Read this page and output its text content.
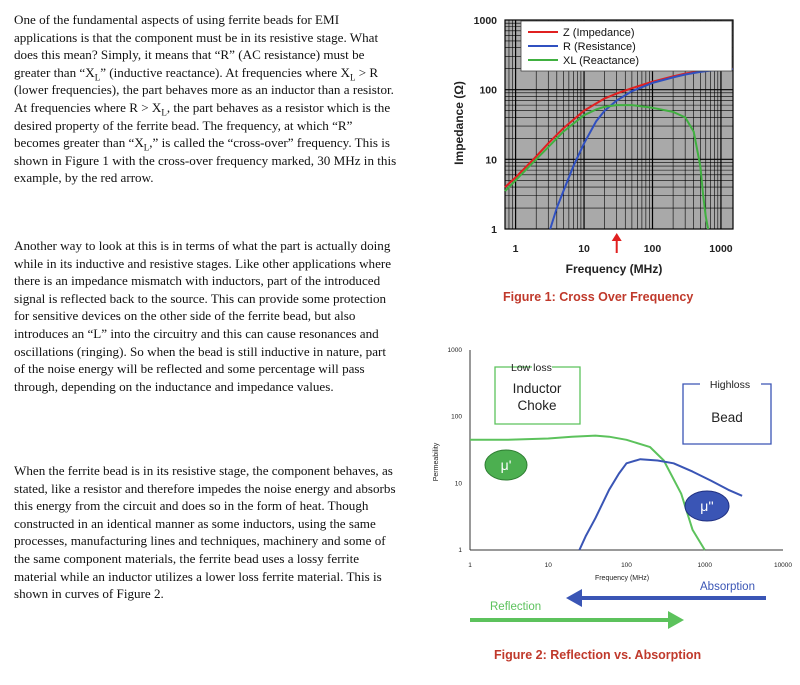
One of the fundamental aspects of using ferrite beads for EMI applications is that the component must be in its resistive stage. What does this mean? Simply, it means that “R” (AC resistance) must be greater than “$X_L$” (inductive reactance). At frequencies where $X_L > R$ (lower frequencies), the part behaves more as an inductor than a resistor. At frequencies where $R > X_L$, the part behaves as a resistor which is the desired property of the ferrite bead. The frequency, at which “R” becomes greater than “$X_L$,” is called the “cross-over” frequency. This is shown in Figure 1 with the cross-over frequency marked, 30 MHz in this example, by the red arrow.

Another way to look at this is in terms of what the part is actually doing while in its inductive and resistive stages. Like other applications where there is an impedance mismatch with inductors, part of the introduced signal is reflected back to the source. This can provide some protection for sensitive devices on the other side of the ferrite bead, but also introduces an “L” into the circuitry and this can cause resonances and oscillations (ringing). So when the bead is still inductive in nature, part of the noise energy will be reflected and some percentage will pass through, depending on the inductance and impedance values.

When the ferrite bead is in its resistive stage, the component behaves, as stated, like a resistor and therefore impedes the noise energy and absorbs this energy from the circuit and does so in the form of heat. Though constructed in an identical manner as some inductors, using the same processes, manufacturing lines and techniques, machinery and some of the same component materials, the ferrite bead uses a lossy ferrite material while an inductor utilizes a lower loss ferrite material. This is shown in curves of Figure 2.

1	10	100	1000
1
10
100
1000
Z (Impedance)
R (Resistance)
XL (Reactance)
Impedance (Ω)
Frequency (MHz)
Figure 1: Cross Over Frequency
1	10	100	1000	10000
1
10
100
1000
Permeability
Frequency (MHz)
Low loss
Inductor
Choke
Highloss
Bead
μ'
μ''
Absorption
Reflection
Figure 2: Reflection vs. Absorption
